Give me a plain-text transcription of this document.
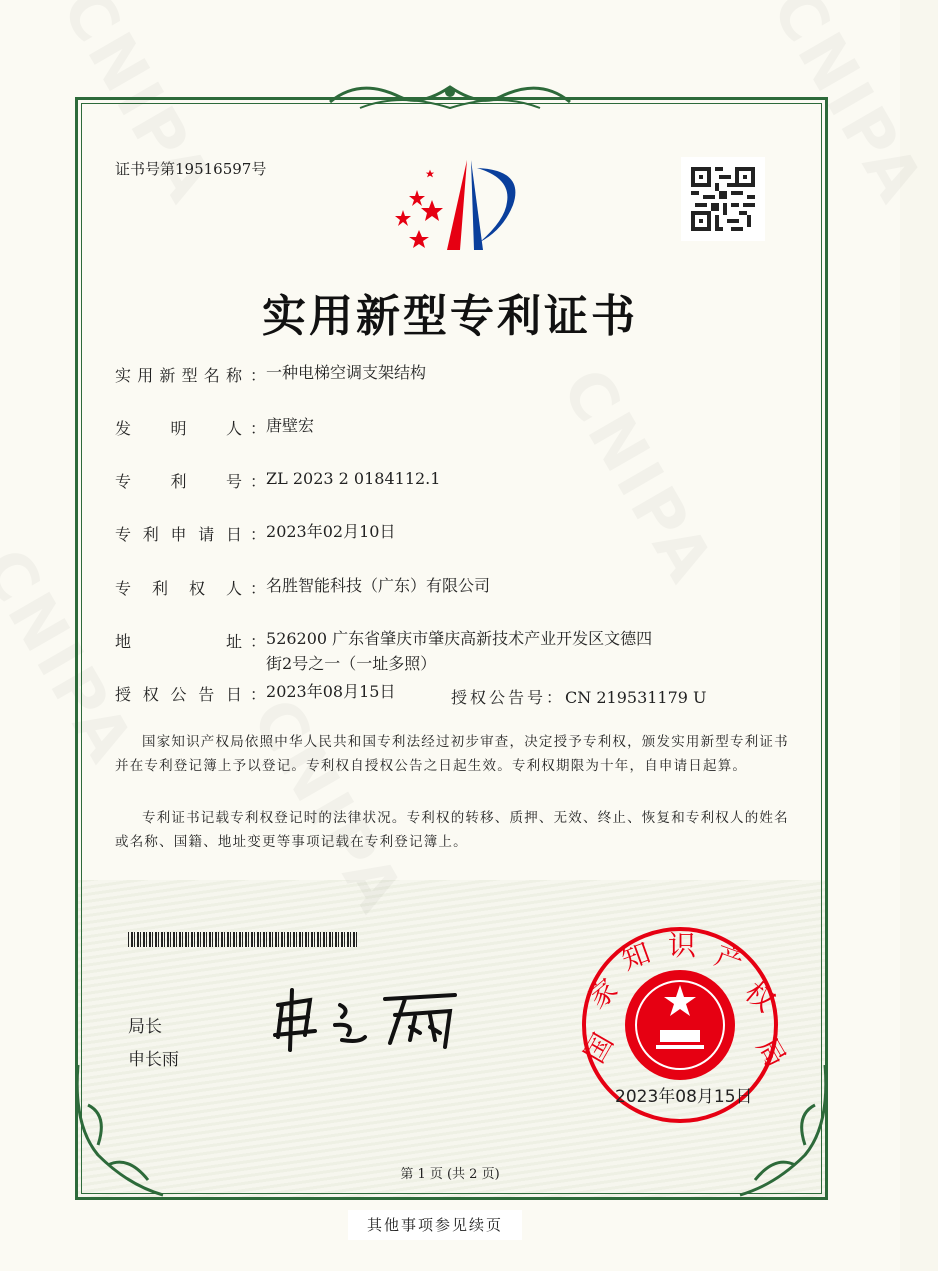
证书号第19516597号
实用新型专利证书
实 用 新 型 名 称 ： 一种电梯空调支架结构
发 明 人 ： 唐壁宏
专 利 号 ： ZL 2023 2 0184112.1
专 利 申 请 日 ： 2023年02月10日
专 利 权 人 ： 名胜智能科技（广东）有限公司
地	址 ： 526200 广东省肇庆市肇庆高新技术产业开发区文德四
街2号之一（一址多照）
授 权 公 告 日 ： 2023年08月15日	授权公告号：CN 219531179 U
国家知识产权局依照中华人民共和国专利法经过初步审查，决定授予专利权，颁发实用新型专利证书并在专利登记簿上予以登记。专利权自授权公告之日起生效。专利权期限为十年，自申请日起算。
专利证书记载专利权登记时的法律状况。专利权的转移、质押、无效、终止、恢复和专利权人的姓名或名称、国籍、地址变更等事项记载在专利登记簿上。
局长
申长雨	国
家
知 识 产
权
局
2023年08月15日
第 1 页 (共 2 页)
其他事项参见续页
